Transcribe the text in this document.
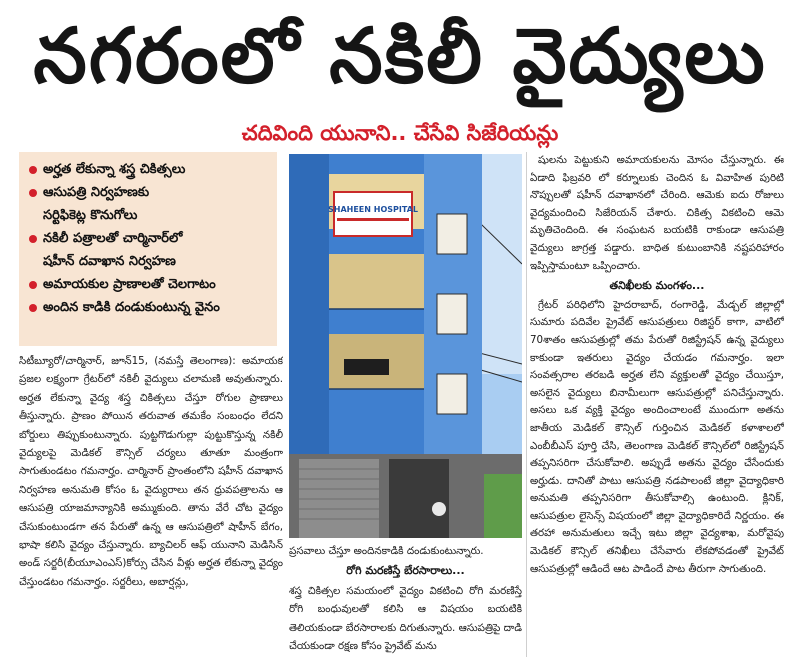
నగరంలో నకిలీ వైద్యులు
చదివింది యునాని.. చేసేవి సిజేరియన్లు
అర్హత లేకున్నా శస్త్ర చికిత్సలు
ఆసుపత్రి నిర్వహణకు
సర్టిఫికెట్ల కొనుగోలు
నకిలీ పత్రాలతో చార్మినార్‌లో
షహీన్ దవాఖాన నిర్వహణ
అమాయకుల ప్రాణాలతో చెలగాటం
అందిన కాడికి దండుకుంటున్న వైనం
సిటీబ్యూరో/చార్మినార్, జూన్15, (నమస్తే తెలంగాణ): అమాయక ప్రజల లక్ష్యంగా గ్రేటర్‌లో నకిలీ వైద్యులు చలామణి అవుతున్నారు. అర్హత లేకున్నా వైద్య శస్త్ర చికిత్సలు చేస్తూ రోగుల ప్రాణాలు తీస్తున్నారు. ప్రాణం పోయిన తరువాత తమకేం సంబంధం లేదని బోర్డులు తిప్పుకుంటున్నారు. పుట్టగొడుగుల్లా పుట్టుకొస్తున్న నకిలీ వైద్యులపై మెడికల్ కౌన్సిల్ చర్యలు తూతూ మంత్రంగా సాగుతుండటం గమనార్హం. చార్మినార్ ప్రాంతంలోని షహీన్ దవాఖాన నిర్వహణ అనుమతి కోసం ఓ వైద్యురాలు తన ధ్రువపత్రాలను ఆ ఆసుపత్రి యాజమాన్యానికి అమ్ముకుంది. తాను వేరే చోట వైద్యం చేసుకుంటుండగా తన పేరుతో ఉన్న ఆ ఆసుపత్రిలో షాహీన్ బేగం, భాషా కలిసి వైద్యం చేస్తున్నారు. బ్యాచిలర్ ఆఫ్ యునాని మెడిసిన్ అండ్ సర్జరీ(బీయూఎంఎస్)కోర్సు చేసిన వీళ్లు అర్హత లేకున్నా వైద్యం చేస్తుండటం గమనార్హం. సర్జరీలు, అబార్షన్లు,
SHAHEEN HOSPITAL
ప్రసవాలు చేస్తూ అందినకాడికి దండుకుంటున్నారు.
రోగి మరణిస్తే బేరసారాలు...
శస్త్ర చికిత్సల సమయంలో వైద్యం వికటించి రోగి మరణిస్తే రోగి బంధువులతో కలిసి ఆ విషయం బయటికి తెలియకుండా బేరసారాలకు దిగుతున్నారు. ఆసుపత్రిపై దాడి చేయకుండా రక్షణ కోసం ప్రైవేట్ మను
షులను పెట్టుకుని అమాయకులను మోసం చేస్తున్నారు. ఈ ఏడాది ఫిబ్రవరి లో కర్నూలుకు చెందిన ఓ వివాహిత పురిటి నొప్పులతో షహీన్ దవాఖానలో చేరింది. ఆమెకు ఐదు రోజులు వైద్యమందించి సిజేరియన్ చేశారు. చికిత్స వికటించి ఆమె మృతిచెందింది. ఈ సంఘటన బయటికి రాకుండా ఆసుపత్రి వైద్యులు జాగ్రత్త పడ్డారు. బాధిత కుటుంబానికి నష్టపరిహారం ఇప్పిస్తామంటూ ఒప్పించారు.
తనిఖీలకు మంగళం...
గ్రేటర్ పరిధిలోని హైదరాబాద్, రంగారెడ్డి, మేడ్చల్ జిల్లాల్లో సుమారు పదివేల ప్రైవేట్ ఆసుపత్రులు రిజిస్టర్ కాగా, వాటిలో 70శాతం ఆసుపత్రుల్లో తమ పేరుతో రిజిస్ట్రేషన్ ఉన్న వైద్యులు కాకుండా ఇతరులు వైద్యం చేయడం గమనార్హం. ఇలా సంవత్సరాల తరబడి అర్హత లేని వ్యక్తులతో వైద్యం చేయిస్తూ, అసలైన వైద్యులు బినామీలుగా ఆసుపత్రుల్లో పనిచేస్తున్నారు. అసలు ఒక వ్యక్తి వైద్యం అందించాలంటే ముందుగా అతను జాతీయ మెడికల్ కౌన్సిల్ గుర్తించిన మెడికల్ కళాశాలలో ఎంబీబీఎస్ పూర్తి చేసి, తెలంగాణ మెడికల్ కౌన్సిల్‌లో రిజిస్ట్రేషన్ తప్పనిసరిగా చేసుకోవాలి. అప్పుడే అతను వైద్యం చేసేందుకు అర్హుడు. దానితో పాటు ఆసుపత్రి నడపాలంటే జిల్లా వైద్యాధికారి అనుమతి తప్పనిసరిగా తీసుకోవాల్సి ఉంటుంది. క్లినిక్, ఆసుపత్రుల లైసెన్స్ విషయంలో జిల్లా వైద్యాధికారిదే నిర్ణయం. ఈ తరహా అనుమతులు ఇచ్చే ఇటు జిల్లా వైద్యశాఖ, మరోవైపు మెడికల్ కౌన్సిల్ తనిఖీలు చేసేవారు లేకపోవడంతో ప్రైవేట్ ఆసుపత్రుల్లో ఆడిందే ఆట పాడిందే పాట తీరుగా సాగుతుంది.
